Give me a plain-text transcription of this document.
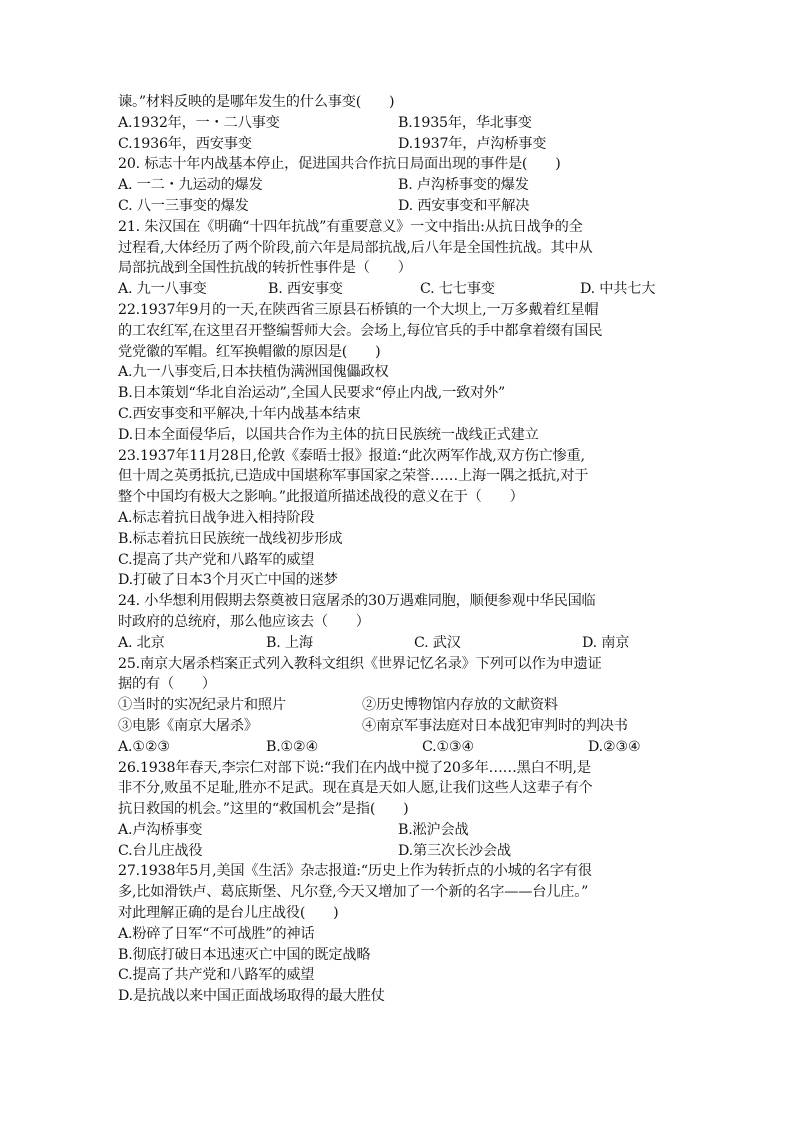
谏。”材料反映的是哪年发生的什么事变(　　)
A.1932年，一・二八事变	B.1935年，华北事变
C.1936年，西安事变	D.1937年，卢沟桥事变
20. 标志十年内战基本停止，促进国共合作抗日局面出现的事件是(　　)
A. 一二・九运动的爆发	B. 卢沟桥事变的爆发
C. 八一三事变的爆发	D. 西安事变和平解决
21. 朱汉国在《明确“十四年抗战”有重要意义》一文中指出:从抗日战争的全
过程看,大体经历了两个阶段,前六年是局部抗战,后八年是全国性抗战。其中从
局部抗战到全国性抗战的转折性事件是（　　）
A. 九一八事变	B. 西安事变	C. 七七事变	D. 中共七大
22.1937年9月的一天,在陕西省三原县石桥镇的一个大坝上,一万多戴着红星帽
的工农红军,在这里召开整编誓师大会。会场上,每位官兵的手中都拿着缀有国民
党党徽的军帽。红军换帽徽的原因是(　　)
A.九一八事变后,日本扶植伪满洲国傀儡政权
B.日本策划“华北自治运动”,全国人民要求“停止内战,一致对外”
C.西安事变和平解决,十年内战基本结束
D.日本全面侵华后，以国共合作为主体的抗日民族统一战线正式建立
23.1937年11月28日,伦敦《泰晤士报》报道:“此次两军作战,双方伤亡惨重,
但十周之英勇抵抗,已造成中国堪称军事国家之荣誉……上海一隅之抵抗,对于
整个中国均有极大之影响。”此报道所描述战役的意义在于（　　）
A.标志着抗日战争进入相持阶段
B.标志着抗日民族统一战线初步形成
C.提高了共产党和八路军的威望
D.打破了日本3个月灭亡中国的迷梦
24. 小华想利用假期去祭奠被日寇屠杀的30万遇难同胞，顺便参观中华民国临
时政府的总统府，那么他应该去（　　）
A. 北京	B. 上海	C. 武汉	D. 南京
25.南京大屠杀档案正式列入教科文组织《世界记忆名录》下列可以作为申遗证
据的有（　　）
①当时的实况纪录片和照片	②历史博物馆内存放的文献资料
③电影《南京大屠杀》	④南京军事法庭对日本战犯审判时的判决书
A.①②③	B.①②④	C.①③④	D.②③④
26.1938年春天,李宗仁对部下说:“我们在内战中搅了20多年……黑白不明,是
非不分,败虽不足耻,胜亦不足武。现在真是天如人愿,让我们这些人这辈子有个
抗日救国的机会。”这里的“救国机会”是指(　　)
A.卢沟桥事变	B.淞沪会战
C.台儿庄战役	D.第三次长沙会战
27.1938年5月,美国《生活》杂志报道:“历史上作为转折点的小城的名字有很
多,比如滑铁卢、葛底斯堡、凡尔登,今天又增加了一个新的名字——台儿庄。”
对此理解正确的是台儿庄战役(　　)
A.粉碎了日军“不可战胜”的神话
B.彻底打破日本迅速灭亡中国的既定战略
C.提高了共产党和八路军的威望
D.是抗战以来中国正面战场取得的最大胜仗
